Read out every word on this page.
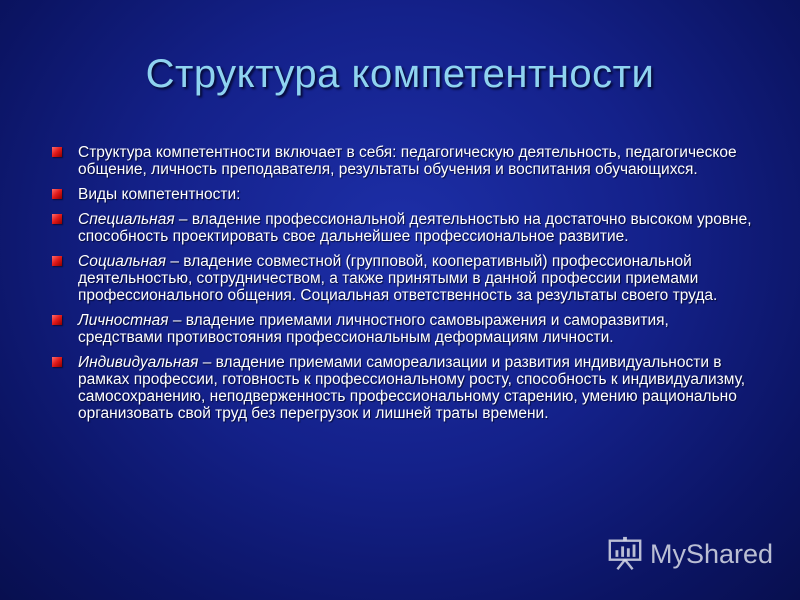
Структура компетентности
Структура компетентности включает в себя: педагогическую деятельность, педагогическое общение, личность преподавателя, результаты обучения и воспитания обучающихся.
Виды компетентности:
Специальная – владение профессиональной деятельностью на достаточно высоком уровне, способность проектировать свое дальнейшее профессиональное развитие.
Социальная – владение совместной (групповой, кооперативный) профессиональной деятельностью, сотрудничеством, а также принятыми в данной профессии приемами профессионального общения. Социальная ответственность за результаты своего труда.
Личностная – владение приемами личностного самовыражения и саморазвития, средствами противостояния профессиональным деформациям личности.
Индивидуальная – владение приемами самореализации и развития индивидуальности в рамках профессии, готовность к профессиональному росту, способность к индивидуализму, самосохранению, неподверженность профессиональному старению, умению рационально организовать свой труд без перегрузок и лишней траты времени.
MyShared
